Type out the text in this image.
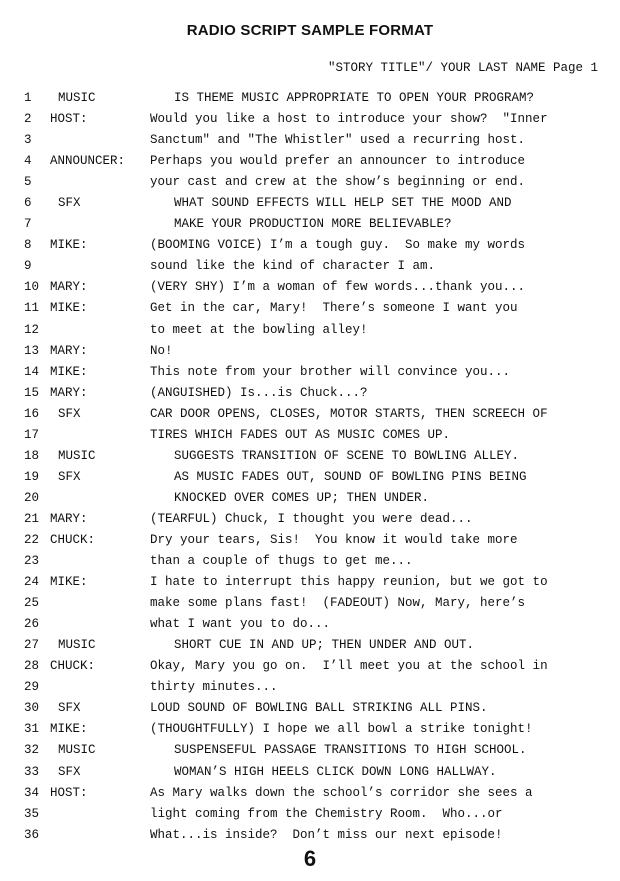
RADIO SCRIPT SAMPLE FORMAT
"STORY TITLE"/ YOUR LAST NAME Page 1
1 MUSIC	IS THEME MUSIC APPROPRIATE TO OPEN YOUR PROGRAM?
2 HOST:	Would you like a host to introduce your show?  "Inner
3	Sanctum" and "The Whistler" used a recurring host.
4 ANNOUNCER: Perhaps you would prefer an announcer to introduce
5	your cast and crew at the show’s beginning or end.
6 SFX	WHAT SOUND EFFECTS WILL HELP SET THE MOOD AND
7	MAKE YOUR PRODUCTION MORE BELIEVABLE?
8 MIKE:	(BOOMING VOICE) I’m a tough guy.  So make my words
9	sound like the kind of character I am.
10 MARY:	(VERY SHY) I’m a woman of few words...thank you...
11 MIKE:	Get in the car, Mary!  There’s someone I want you
12	to meet at the bowling alley!
13 MARY:	No!
14 MIKE:	This note from your brother will convince you...
15 MARY:	(ANGUISHED) Is...is Chuck...?
16 SFX	CAR DOOR OPENS, CLOSES, MOTOR STARTS, THEN SCREECH OF
17	TIRES WHICH FADES OUT AS MUSIC COMES UP.
18 MUSIC	SUGGESTS TRANSITION OF SCENE TO BOWLING ALLEY.
19 SFX	AS MUSIC FADES OUT, SOUND OF BOWLING PINS BEING
20	KNOCKED OVER COMES UP; THEN UNDER.
21 MARY:	(TEARFUL) Chuck, I thought you were dead...
22 CHUCK:	Dry your tears, Sis!  You know it would take more
23	than a couple of thugs to get me...
24 MIKE:	I hate to interrupt this happy reunion, but we got to
25	make some plans fast!  (FADEOUT) Now, Mary, here’s
26	what I want you to do...
27 MUSIC	SHORT CUE IN AND UP; THEN UNDER AND OUT.
28 CHUCK:	Okay, Mary you go on.  I’ll meet you at the school in
29	thirty minutes...
30 SFX	LOUD SOUND OF BOWLING BALL STRIKING ALL PINS.
31 MIKE:	(THOUGHTFULLY) I hope we all bowl a strike tonight!
32 MUSIC	SUSPENSEFUL PASSAGE TRANSITIONS TO HIGH SCHOOL.
33 SFX	WOMAN’S HIGH HEELS CLICK DOWN LONG HALLWAY.
34 HOST:	As Mary walks down the school’s corridor she sees a
35	light coming from the Chemistry Room.  Who...or
36	What...is inside?  Don’t miss our next episode!
6
